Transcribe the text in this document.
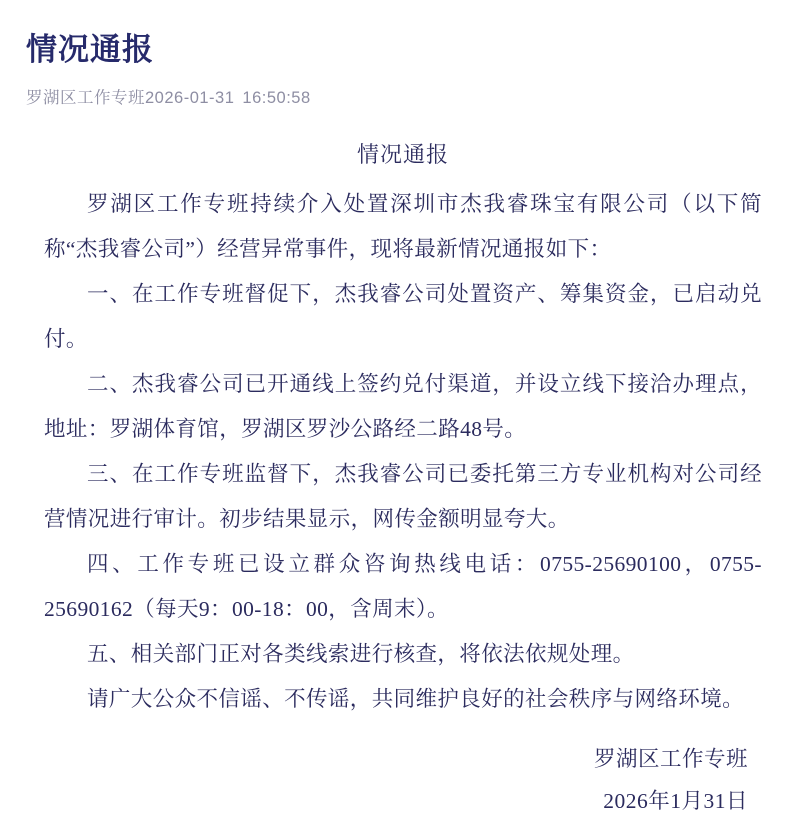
情况通报
罗湖区工作专班2026-01-31 16:50:58
情况通报

罗湖区工作专班持续介入处置深圳市杰我睿珠宝有限公司（以下简称“杰我睿公司”）经营异常事件，现将最新情况通报如下：

一、在工作专班督促下，杰我睿公司处置资产、筹集资金，已启动兑付。

二、杰我睿公司已开通线上签约兑付渠道，并设立线下接洽办理点，地址：罗湖体育馆，罗湖区罗沙公路经二路48号。

三、在工作专班监督下，杰我睿公司已委托第三方专业机构对公司经营情况进行审计。初步结果显示，网传金额明显夸大。

四、工作专班已设立群众咨询热线电话：0755-25690100，0755-25690162（每天9：00-18：00，含周末）。

五、相关部门正对各类线索进行核查，将依法依规处理。

请广大公众不信谣、不传谣，共同维护良好的社会秩序与网络环境。

罗湖区工作专班
2026年1月31日
